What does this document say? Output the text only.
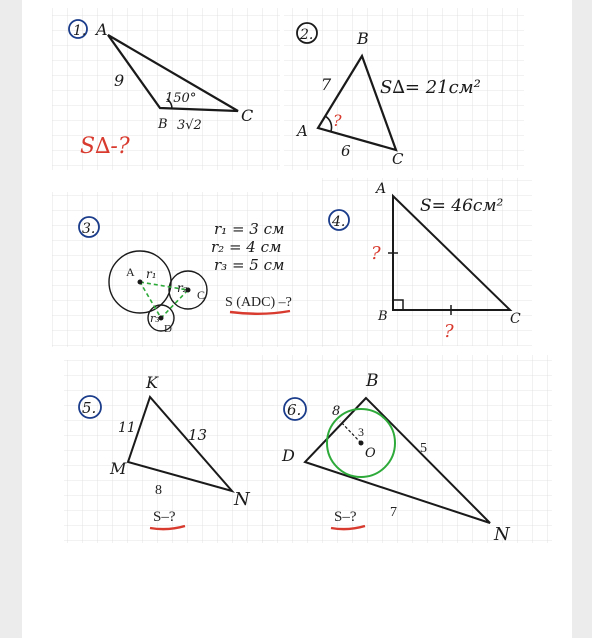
1. A
B	C
9
3√2
150°
S∆-?
2.	B
A
C
7
6
S∆= 21см²
?
3.
A
C
D
r₁
r₂
r₃
r₁ = 3 см
r₂ = 4 см
r₃ = 5 см
S (ADC) –?
4.
A
B	C
S= 46см²
?
?
5.
K
M
N
11	13
8
S–?
6.
B
D
N
O
8
3
5
7
S–?
